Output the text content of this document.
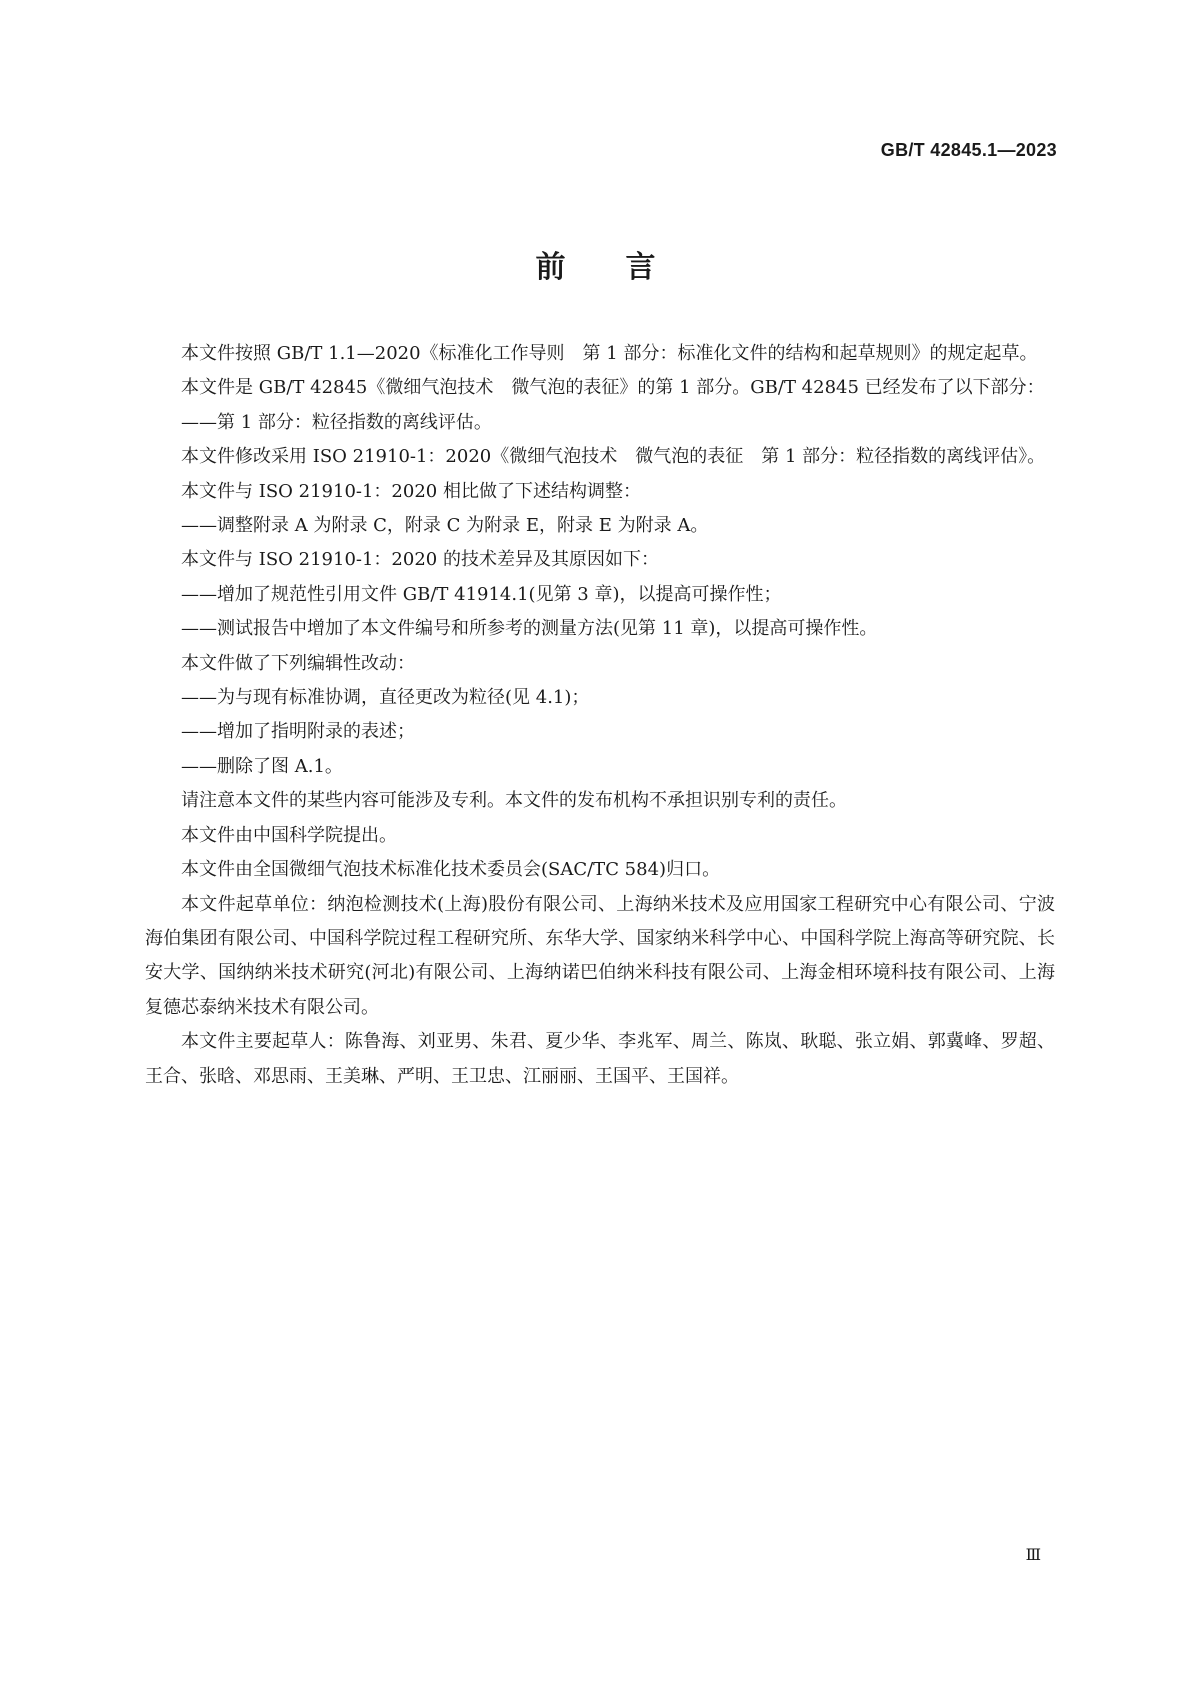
GB/T 42845.1—2023
前言

本文件按照 GB/T 1.1—2020《标准化工作导则　第 1 部分：标准化文件的结构和起草规则》的规定起草。

本文件是 GB/T 42845《微细气泡技术　微气泡的表征》的第 1 部分。GB/T 42845 已经发布了以下部分：

——第 1 部分：粒径指数的离线评估。

本文件修改采用 ISO 21910-1：2020《微细气泡技术　微气泡的表征　第 1 部分：粒径指数的离线评估》。

本文件与 ISO 21910-1：2020 相比做了下述结构调整：

——调整附录 A 为附录 C，附录 C 为附录 E，附录 E 为附录 A。

本文件与 ISO 21910-1：2020 的技术差异及其原因如下：

——增加了规范性引用文件 GB/T 41914.1(见第 3 章)，以提高可操作性；

——测试报告中增加了本文件编号和所参考的测量方法(见第 11 章)，以提高可操作性。

本文件做了下列编辑性改动：

——为与现有标准协调，直径更改为粒径(见 4.1)；

——增加了指明附录的表述；

——删除了图 A.1。

请注意本文件的某些内容可能涉及专利。本文件的发布机构不承担识别专利的责任。

本文件由中国科学院提出。

本文件由全国微细气泡技术标准化技术委员会(SAC/TC 584)归口。

本文件起草单位：纳泡检测技术(上海)股份有限公司、上海纳米技术及应用国家工程研究中心有限公司、宁波海伯集团有限公司、中国科学院过程工程研究所、东华大学、国家纳米科学中心、中国科学院上海高等研究院、长安大学、国纳纳米技术研究(河北)有限公司、上海纳诺巴伯纳米科技有限公司、上海金相环境科技有限公司、上海复德芯泰纳米技术有限公司。

本文件主要起草人：陈鲁海、刘亚男、朱君、夏少华、李兆军、周兰、陈岚、耿聪、张立娟、郭冀峰、罗超、王合、张晗、邓思雨、王美琳、严明、王卫忠、江丽丽、王国平、王国祥。

Ⅲ
